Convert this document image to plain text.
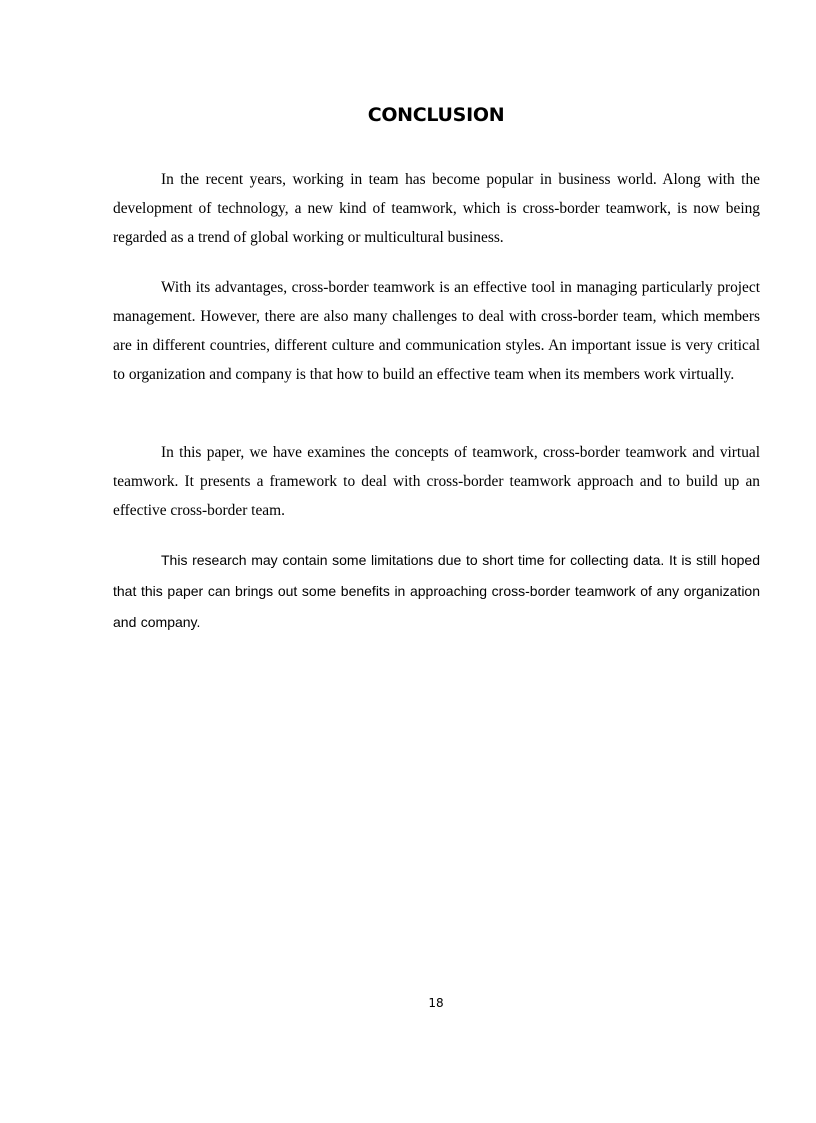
CONCLUSION

In the recent years, working in team has become popular in business world. Along with the development of technology, a new kind of teamwork, which is cross-border teamwork, is now being regarded as a trend of global working or multicultural business.

With its advantages, cross-border teamwork is an effective tool in managing particularly project management. However, there are also many challenges to deal with cross-border team, which members are in different countries, different culture and communication styles. An important issue is very critical to organization and company is that how to build an effective team when its members work virtually.

In this paper, we have examines the concepts of teamwork, cross-border teamwork and virtual teamwork. It presents a framework to deal with cross-border teamwork approach and to build up an effective cross-border team.

This research may contain some limitations due to short time for collecting data. It is still hoped that this paper can brings out some benefits in approaching cross-border teamwork of any organization and company.

18
